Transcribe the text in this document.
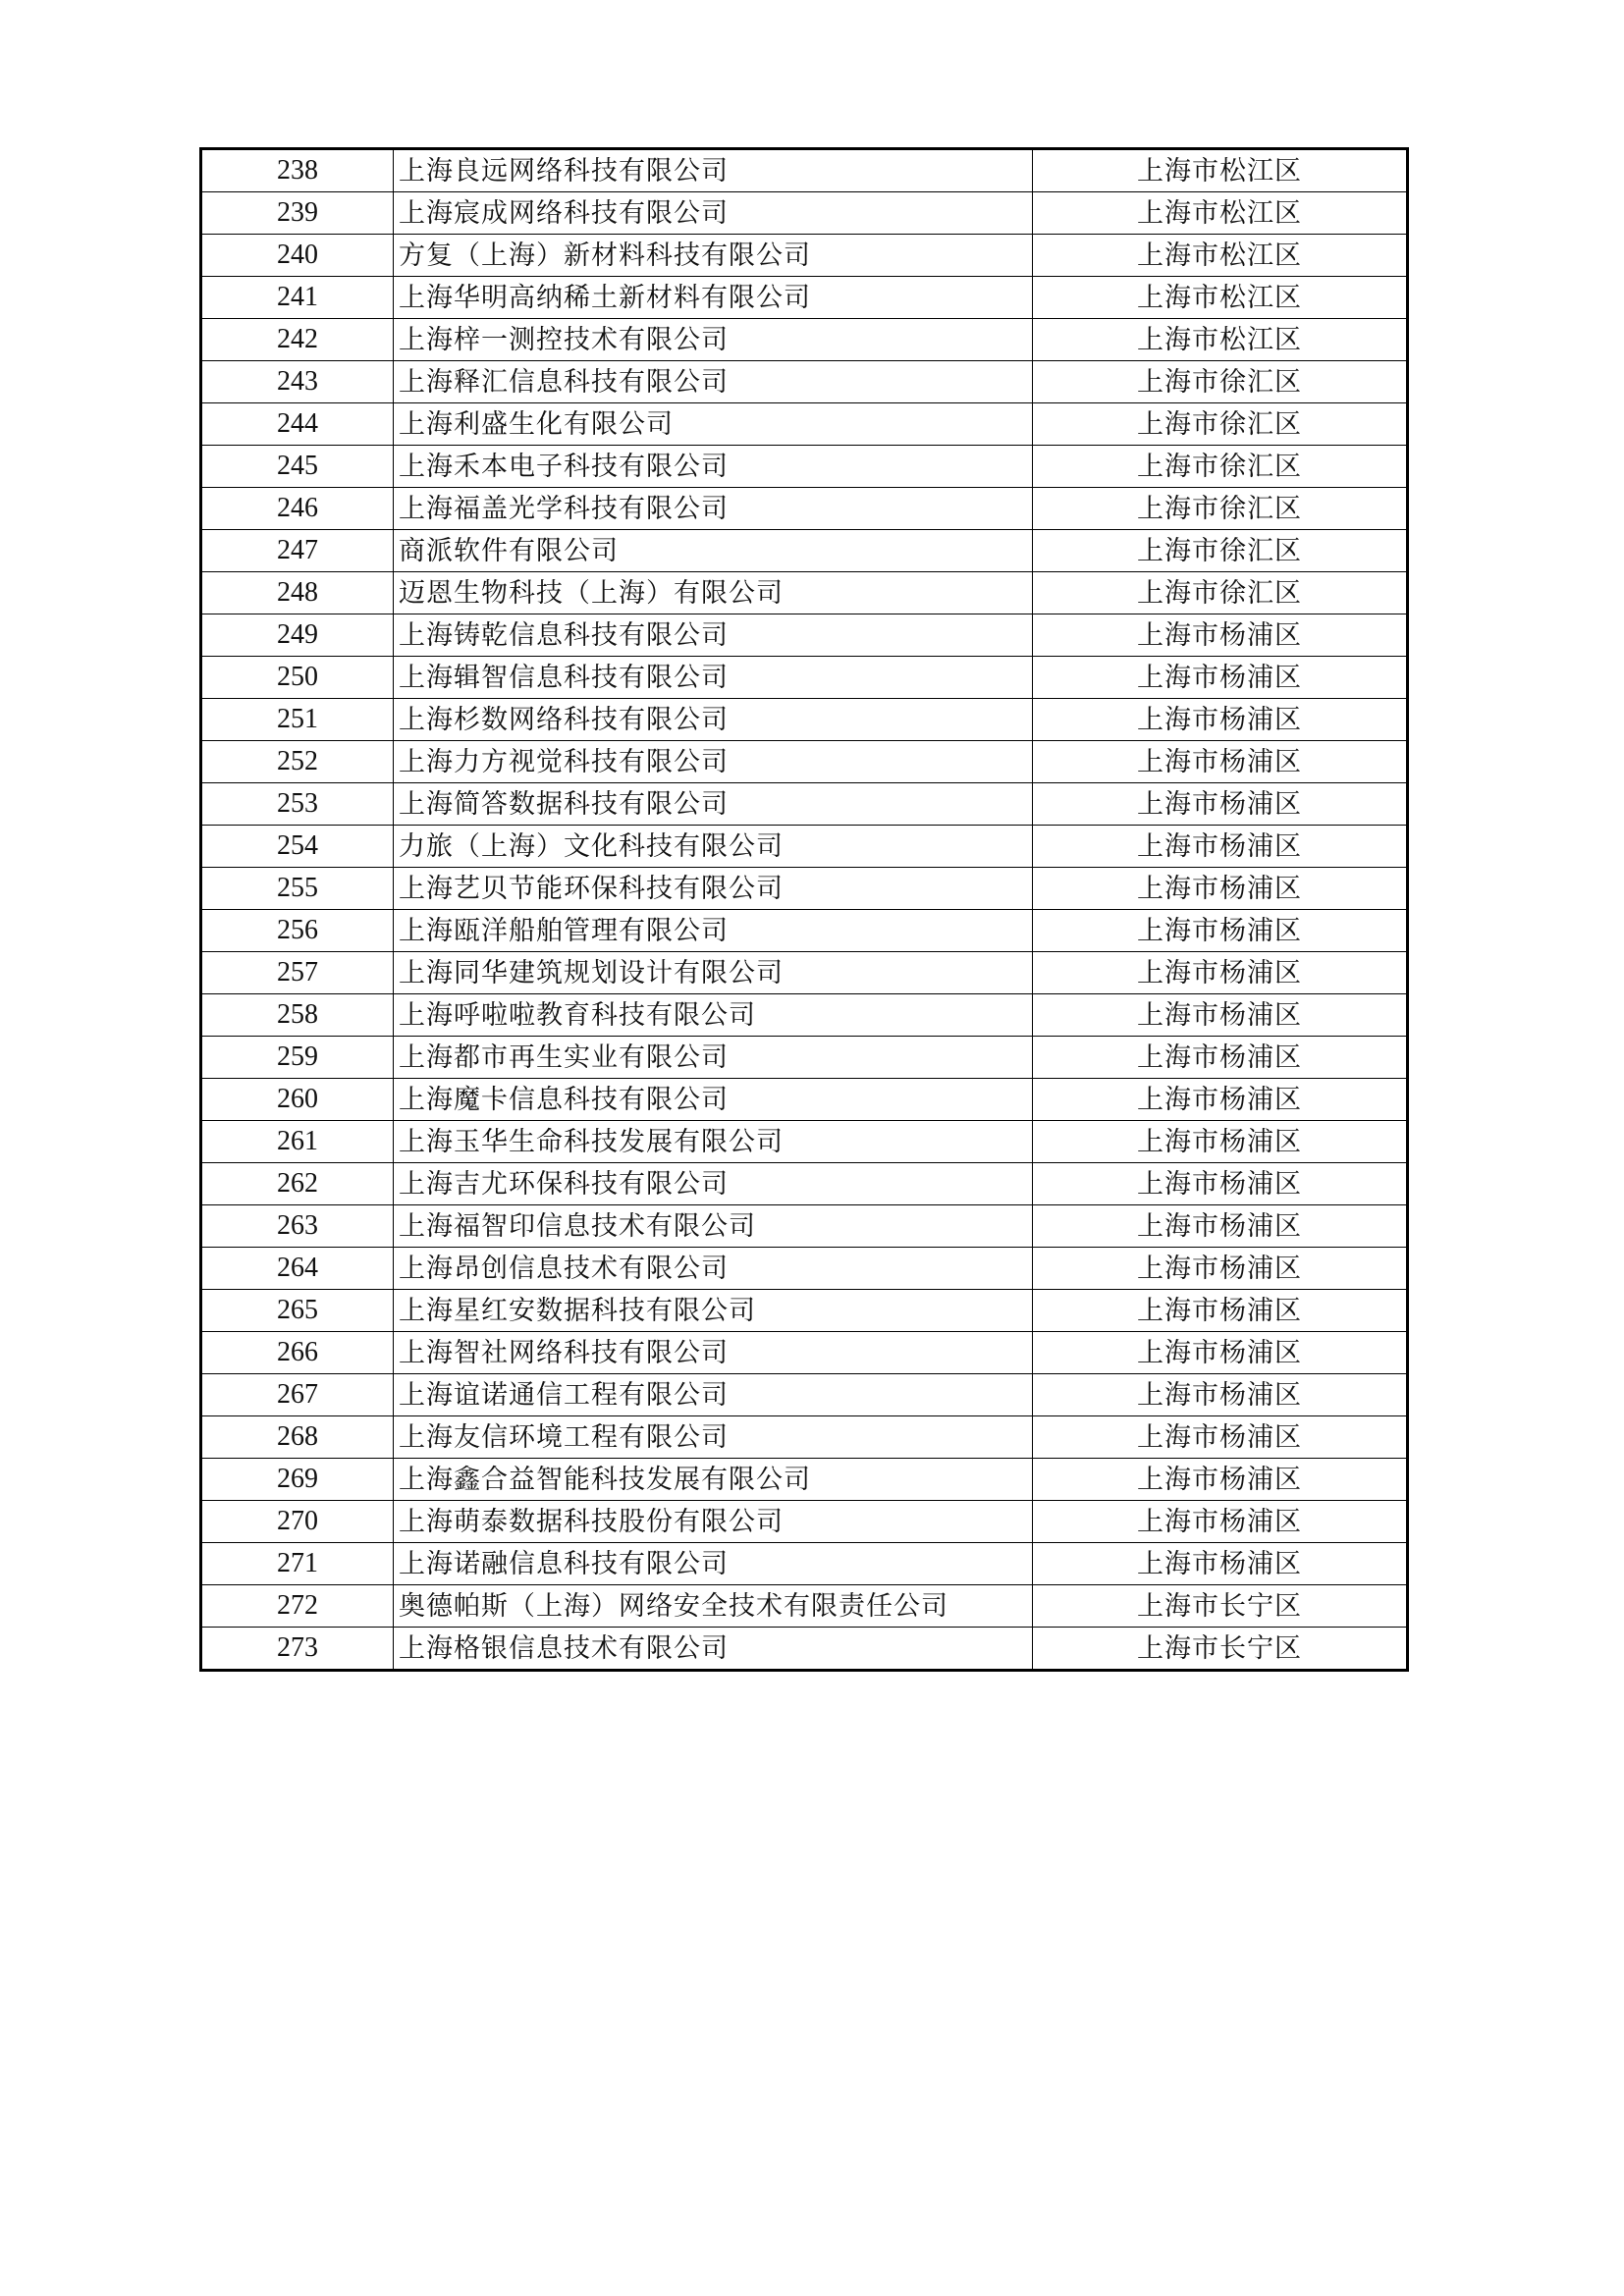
238	上海良远网络科技有限公司	上海市松江区
239	上海宸成网络科技有限公司	上海市松江区
240	方复（上海）新材料科技有限公司	上海市松江区
241	上海华明高纳稀土新材料有限公司	上海市松江区
242	上海梓一测控技术有限公司	上海市松江区
243	上海释汇信息科技有限公司	上海市徐汇区
244	上海利盛生化有限公司	上海市徐汇区
245	上海禾本电子科技有限公司	上海市徐汇区
246	上海福盖光学科技有限公司	上海市徐汇区
247	商派软件有限公司	上海市徐汇区
248	迈恩生物科技（上海）有限公司	上海市徐汇区
249	上海铸乾信息科技有限公司	上海市杨浦区
250	上海辑智信息科技有限公司	上海市杨浦区
251	上海杉数网络科技有限公司	上海市杨浦区
252	上海力方视觉科技有限公司	上海市杨浦区
253	上海简答数据科技有限公司	上海市杨浦区
254	力旅（上海）文化科技有限公司	上海市杨浦区
255	上海艺贝节能环保科技有限公司	上海市杨浦区
256	上海瓯洋船舶管理有限公司	上海市杨浦区
257	上海同华建筑规划设计有限公司	上海市杨浦区
258	上海呼啦啦教育科技有限公司	上海市杨浦区
259	上海都市再生实业有限公司	上海市杨浦区
260	上海魔卡信息科技有限公司	上海市杨浦区
261	上海玉华生命科技发展有限公司	上海市杨浦区
262	上海吉尤环保科技有限公司	上海市杨浦区
263	上海福智印信息技术有限公司	上海市杨浦区
264	上海昂创信息技术有限公司	上海市杨浦区
265	上海星红安数据科技有限公司	上海市杨浦区
266	上海智社网络科技有限公司	上海市杨浦区
267	上海谊诺通信工程有限公司	上海市杨浦区
268	上海友信环境工程有限公司	上海市杨浦区
269	上海鑫合益智能科技发展有限公司	上海市杨浦区
270	上海萌泰数据科技股份有限公司	上海市杨浦区
271	上海诺融信息科技有限公司	上海市杨浦区
272	奥德帕斯（上海）网络安全技术有限责任公司	上海市长宁区
273	上海格银信息技术有限公司	上海市长宁区
